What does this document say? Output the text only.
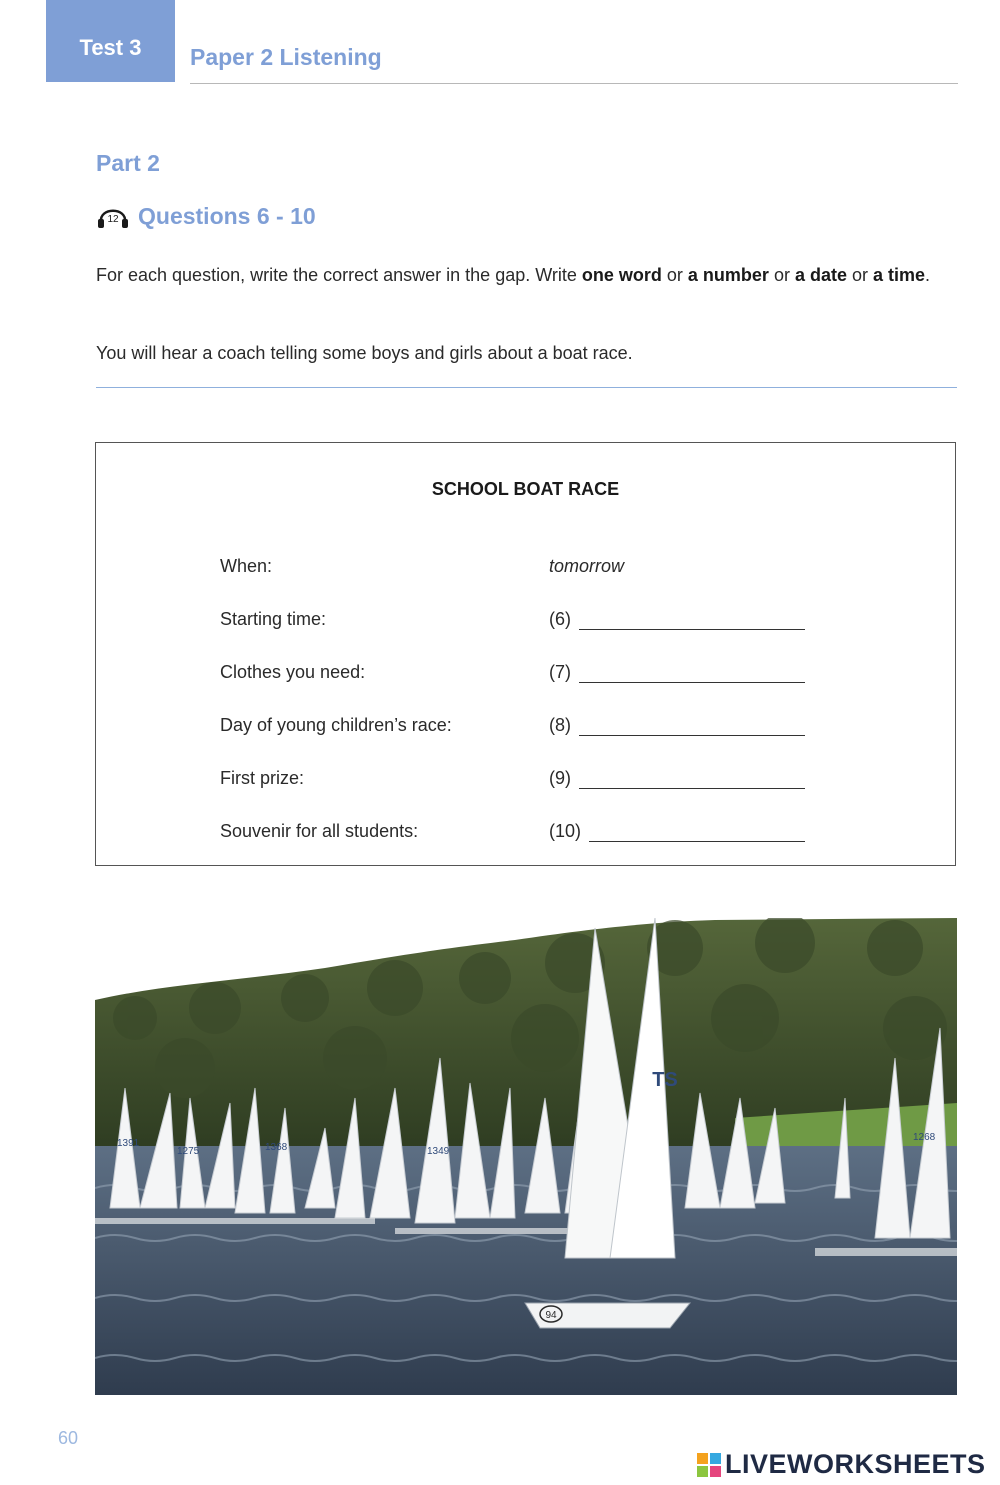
Test 3 Paper 2 Listening
Part 2
12 Questions 6 - 10
For each question, write the correct answer in the gap. Write one word or a number or a date or a time.
You will hear a coach telling some boys and girls about a boat race.
SCHOOL BOAT RACE
When:	tomorrow
Starting time:	(6)
Clothes you need:	(7)
Day of young children’s race:	(8)
First prize:	(9)
Souvenir for all students:	(10)
94
TS
1391
1275	1368	1349
1268
60
LIVEWORKSHEETS
